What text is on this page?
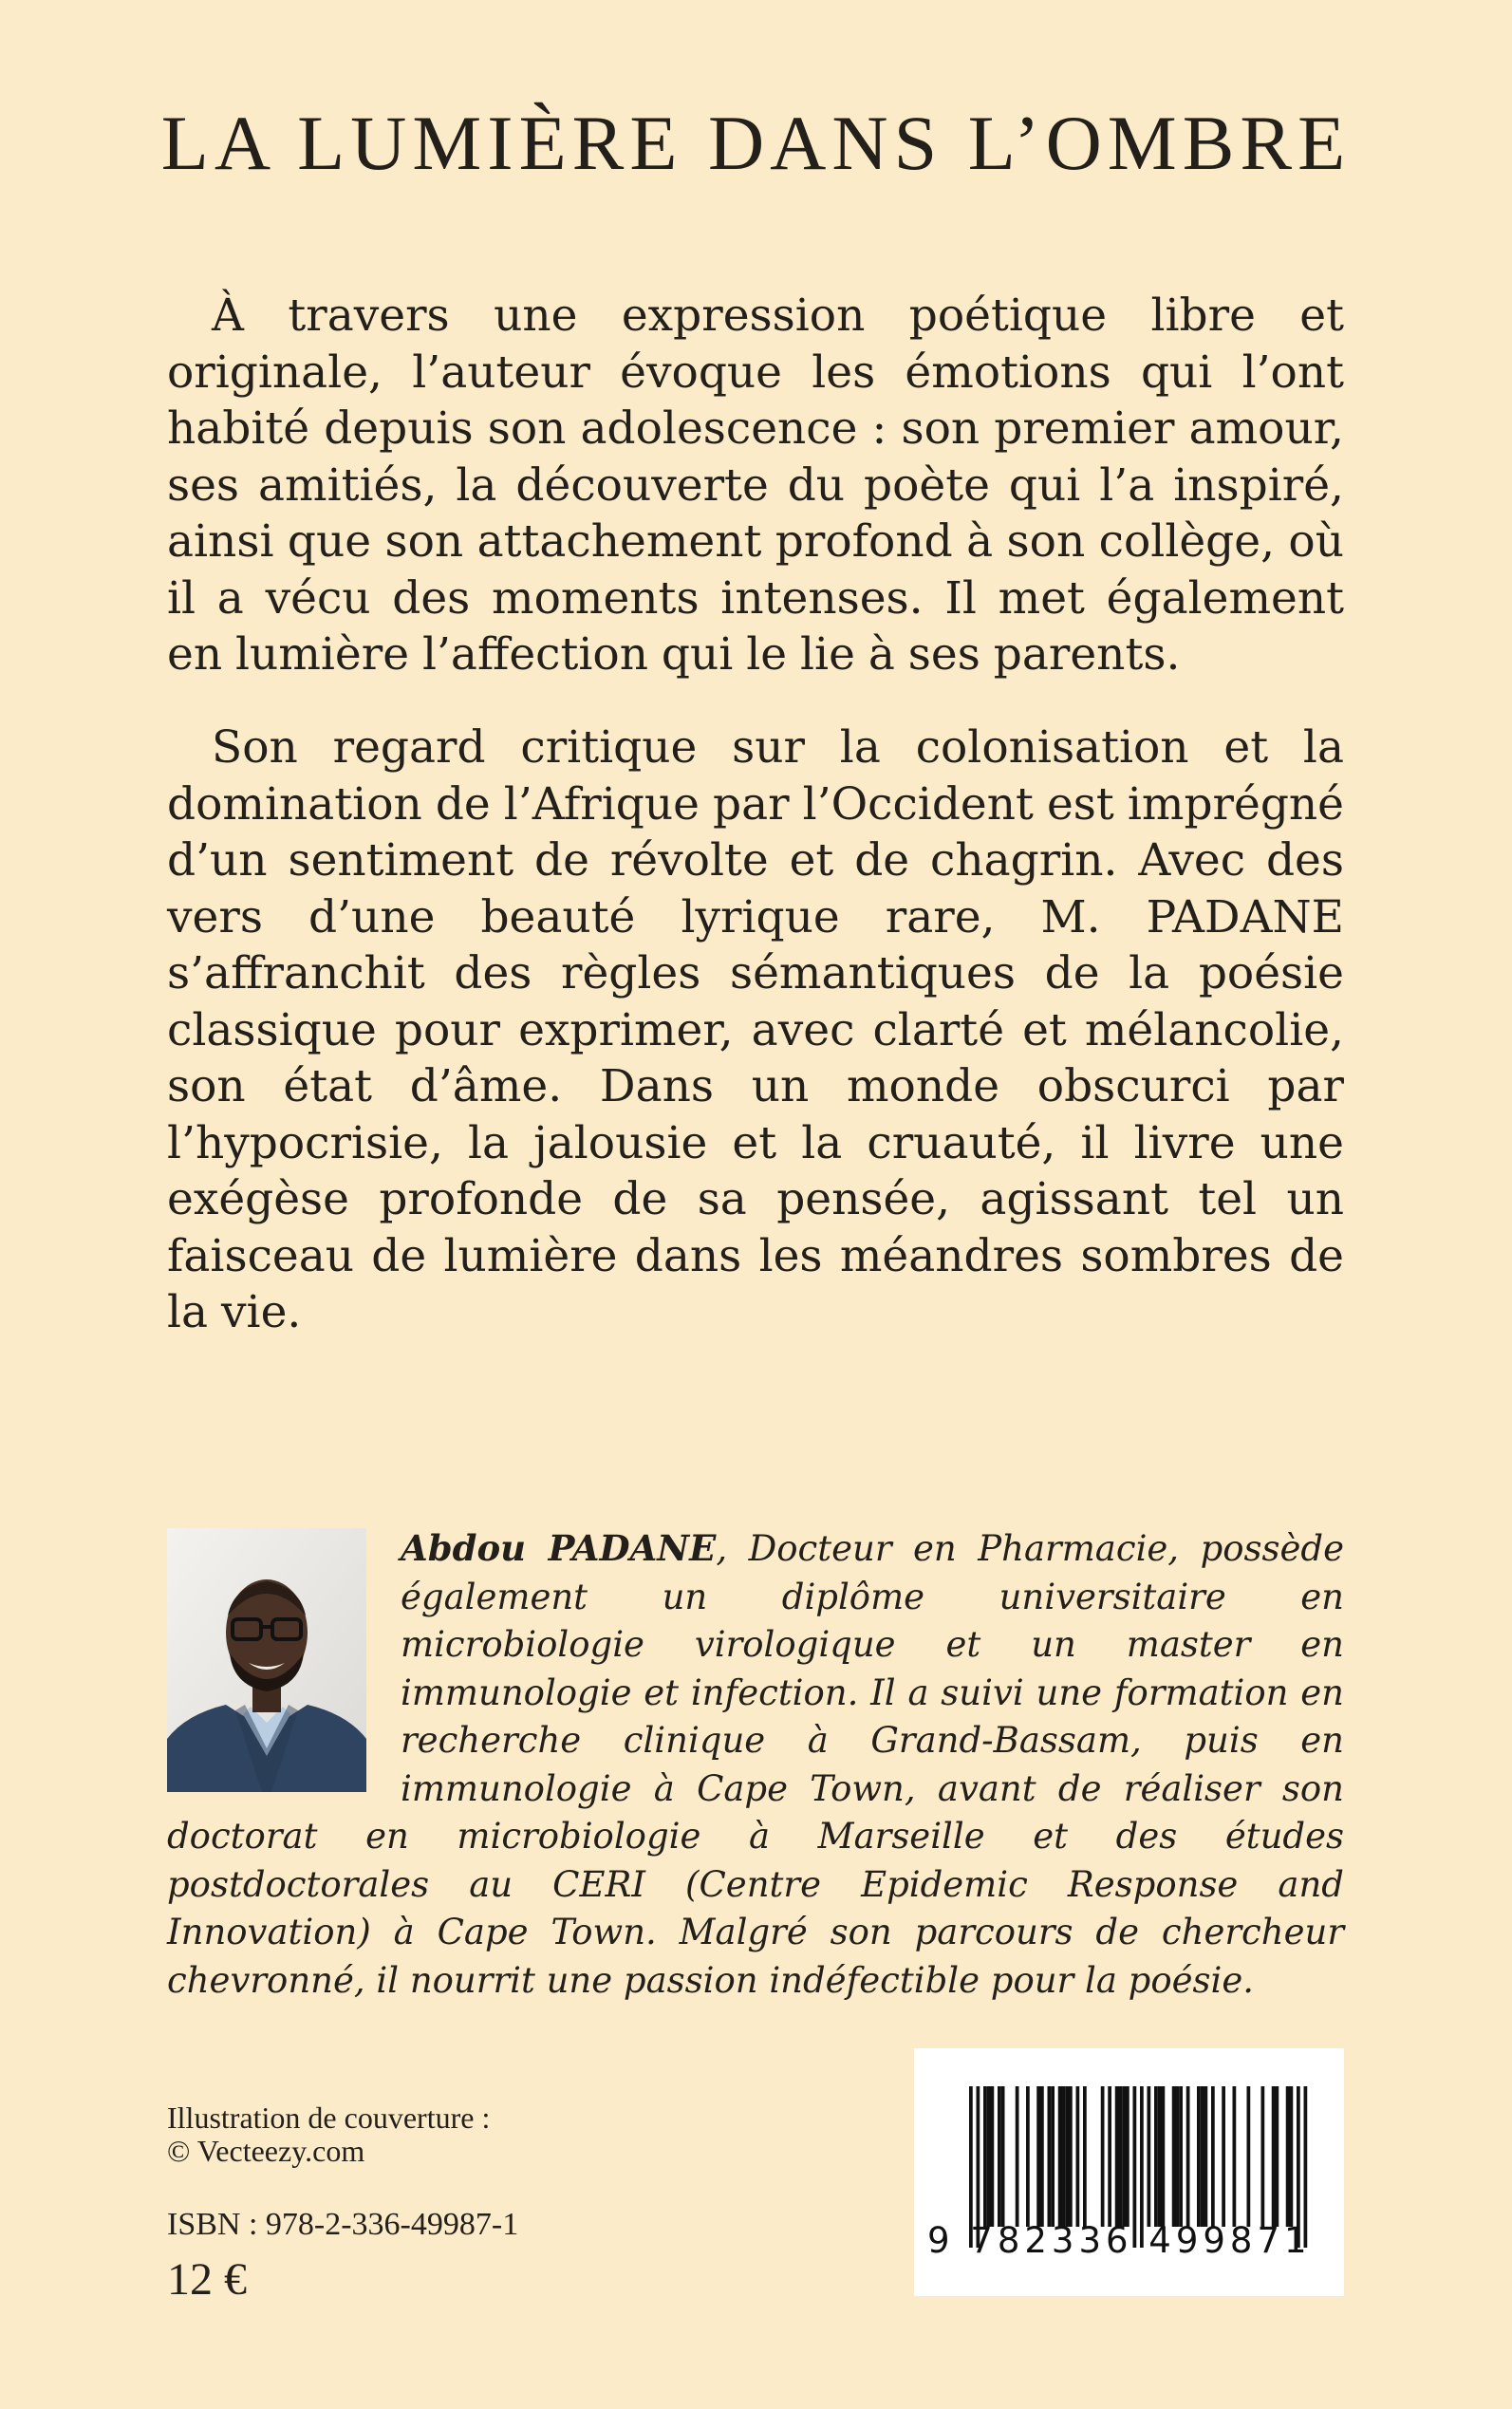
LA LUMIÈRE DANS L’OMBRE

À travers une expression poétique libre et originale, l’auteur évoque les émotions qui l’ont habité depuis son adolescence : son premier amour, ses amitiés, la découverte du poète qui l’a inspiré, ainsi que son attachement profond à son collège, où il a vécu des moments intenses. Il met également en lumière l’affection qui le lie à ses parents.

Son regard critique sur la colonisation et la domination de l’Afrique par l’Occident est imprégné d’un sentiment de révolte et de chagrin. Avec des vers d’une beauté lyrique rare, M. PADANE s’affranchit des règles sémantiques de la poésie classique pour exprimer, avec clarté et mélancolie, son état d’âme. Dans un monde obscurci par l’hypocrisie, la jalousie et la cruauté, il livre une exégèse profonde de sa pensée, agissant tel un faisceau de lumière dans les méandres sombres de la vie.

Abdou PADANE, Docteur en Pharmacie, possède également un diplôme universitaire en microbiologie virologique et un master en immunologie et infection. Il a suivi une formation en recherche clinique à Grand-Bassam, puis en immunologie à Cape Town, avant de réaliser son doctorat en microbiologie à Marseille et des études postdoctorales au CERI (Centre Epidemic Response and Innovation) à Cape Town. Malgré son parcours de chercheur chevronné, il nourrit une passion indéfectible pour la poésie.
Illustration de couverture :
© Vecteezy.com
ISBN : 978-2-336-49987-1
12 €
9 782336 499871
